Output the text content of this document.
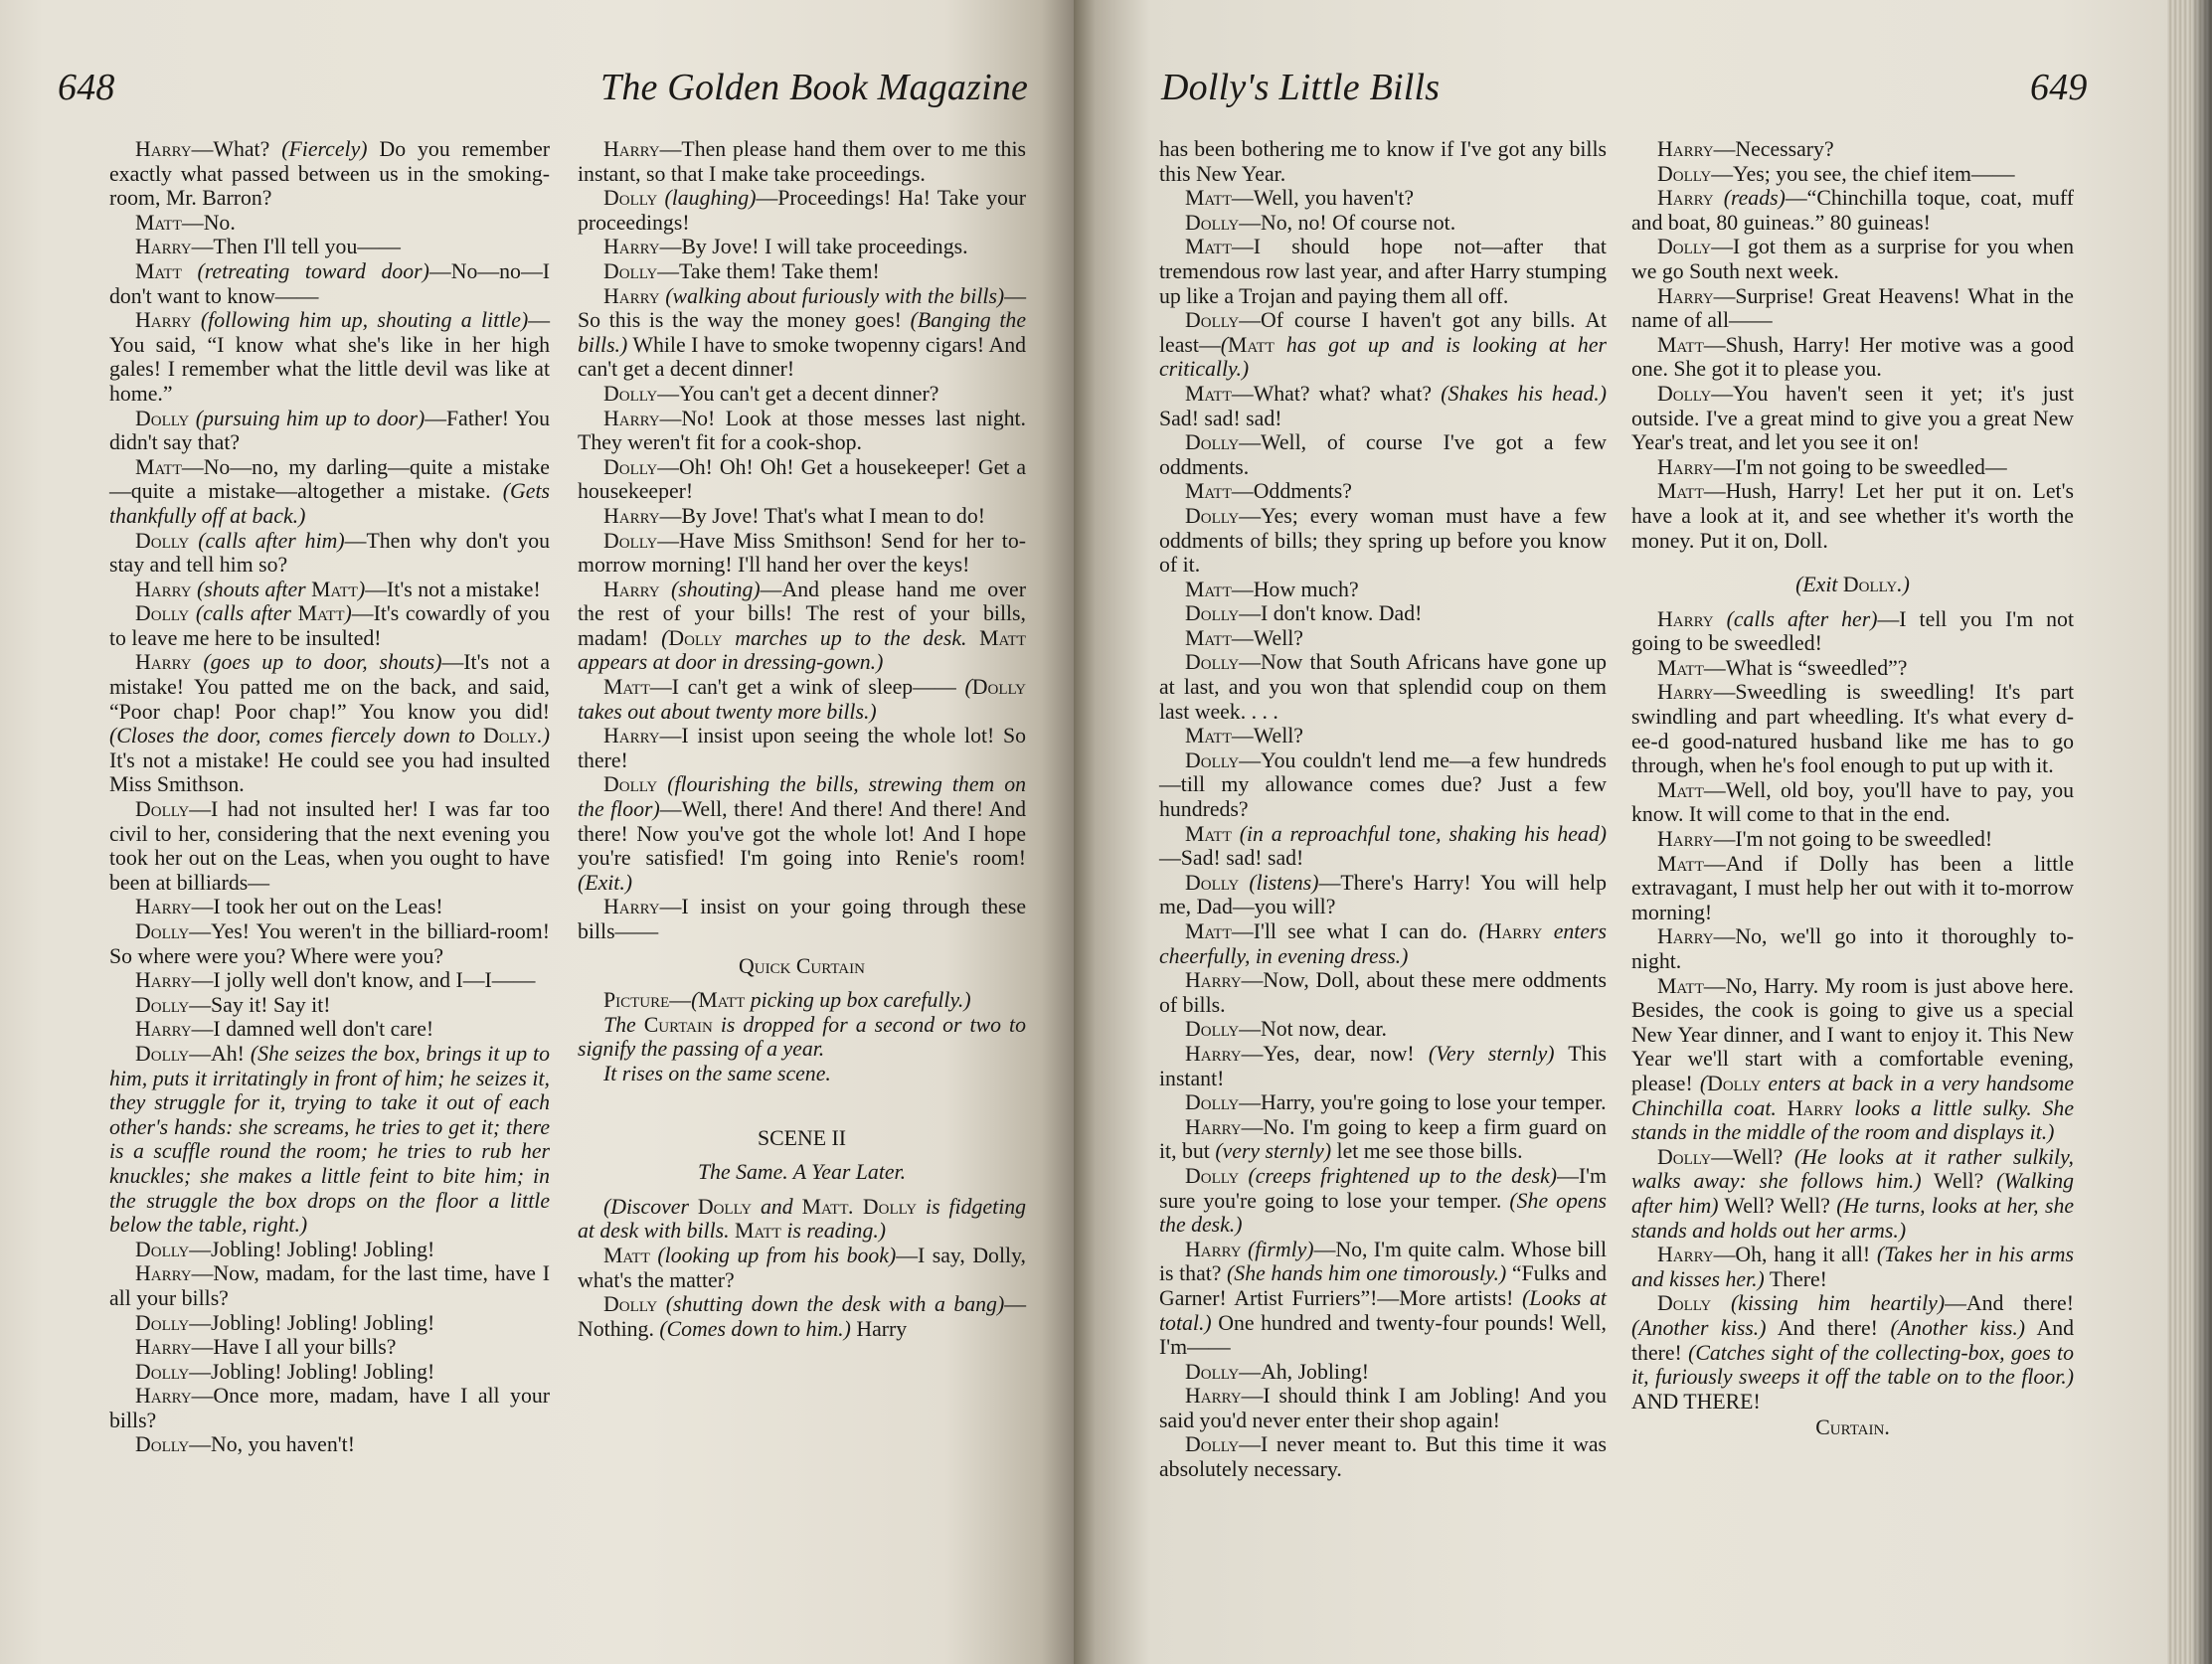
648	The Golden Book Magazine

Harry—What? (Fiercely) Do you remember exactly what passed between us in the smoking-room, Mr. Barron?

Matt—No.

Harry—Then I'll tell you——

Matt (retreating toward door)—No—no—I don't want to know——

Harry (following him up, shouting a little)—You said, “I know what she's like in her high gales! I remember what the little devil was like at home.”

Dolly (pursuing him up to door)—Father! You didn't say that?

Matt—No—no, my darling—quite a mistake—quite a mistake—altogether a mistake. (Gets thankfully off at back.)

Dolly (calls after him)—Then why don't you stay and tell him so?

Harry (shouts after Matt)—It's not a mistake!

Dolly (calls after Matt)—It's cowardly of you to leave me here to be insulted!

Harry (goes up to door, shouts)—It's not a mistake! You patted me on the back, and said, “Poor chap! Poor chap!” You know you did! (Closes the door, comes fiercely down to Dolly.) It's not a mistake! He could see you had insulted Miss Smithson.

Dolly—I had not insulted her! I was far too civil to her, considering that the next evening you took her out on the Leas, when you ought to have been at billiards—

Harry—I took her out on the Leas!

Dolly—Yes! You weren't in the billiard-room! So where were you? Where were you?

Harry—I jolly well don't know, and I—I——

Dolly—Say it! Say it!

Harry—I damned well don't care!

Dolly—Ah! (She seizes the box, brings it up to him, puts it irritatingly in front of him; he seizes it, they struggle for it, trying to take it out of each other's hands: she screams, he tries to get it; there is a scuffle round the room; he tries to rub her knuckles; she makes a little feint to bite him; in the struggle the box drops on the floor a little below the table, right.)

Dolly—Jobling! Jobling! Jobling!

Harry—Now, madam, for the last time, have I all your bills?

Dolly—Jobling! Jobling! Jobling!

Harry—Have I all your bills?

Dolly—Jobling! Jobling! Jobling!

Harry—Once more, madam, have I all your bills?

Dolly—No, you haven't!

Harry—Then please hand them over to me this instant, so that I make take proceedings.

Dolly (laughing)—Proceedings! Ha! Take your proceedings!

Harry—By Jove! I will take proceedings.

Dolly—Take them! Take them!

Harry (walking about furiously with the bills)—So this is the way the money goes! (Banging the bills.) While I have to smoke twopenny cigars! And can't get a decent dinner!

Dolly—You can't get a decent dinner?

Harry—No! Look at those messes last night. They weren't fit for a cook-shop.

Dolly—Oh! Oh! Oh! Get a housekeeper! Get a housekeeper!

Harry—By Jove! That's what I mean to do!

Dolly—Have Miss Smithson! Send for her to-morrow morning! I'll hand her over the keys!

Harry (shouting)—And please hand me over the rest of your bills! The rest of your bills, madam! (Dolly marches up to the desk. Matt appears at door in dressing-gown.)

Matt—I can't get a wink of sleep—— (Dolly takes out about twenty more bills.)

Harry—I insist upon seeing the whole lot! So there!

Dolly (flourishing the bills, strewing them on the floor)—Well, there! And there! And there! And there! Now you've got the whole lot! And I hope you're satisfied! I'm going into Renie's room! (Exit.)

Harry—I insist on your going through these bills——

Quick Curtain

Picture—(Matt picking up box carefully.)

The Curtain is dropped for a second or two to signify the passing of a year.

It rises on the same scene.

SCENE II

The Same. A Year Later.

(Discover Dolly and Matt. Dolly is fidgeting at desk with bills. Matt is reading.)

Matt (looking up from his book)—I say, Dolly, what's the matter?

Dolly (shutting down the desk with a bang)—Nothing. (Comes down to him.) Harry

Dolly's Little Bills	649

has been bothering me to know if I've got any bills this New Year.

Matt—Well, you haven't?

Dolly—No, no! Of course not.

Matt—I should hope not—after that tremendous row last year, and after Harry stumping up like a Trojan and paying them all off.

Dolly—Of course I haven't got any bills. At least—(Matt has got up and is looking at her critically.)

Matt—What? what? what? (Shakes his head.) Sad! sad! sad!

Dolly—Well, of course I've got a few oddments.

Matt—Oddments?

Dolly—Yes; every woman must have a few oddments of bills; they spring up before you know of it.

Matt—How much?

Dolly—I don't know. Dad!

Matt—Well?

Dolly—Now that South Africans have gone up at last, and you won that splendid coup on them last week. . . .

Matt—Well?

Dolly—You couldn't lend me—a few hundreds—till my allowance comes due? Just a few hundreds?

Matt (in a reproachful tone, shaking his head)—Sad! sad! sad!

Dolly (listens)—There's Harry! You will help me, Dad—you will?

Matt—I'll see what I can do. (Harry enters cheerfully, in evening dress.)

Harry—Now, Doll, about these mere oddments of bills.

Dolly—Not now, dear.

Harry—Yes, dear, now! (Very sternly) This instant!

Dolly—Harry, you're going to lose your temper.

Harry—No. I'm going to keep a firm guard on it, but (very sternly) let me see those bills.

Dolly (creeps frightened up to the desk)—I'm sure you're going to lose your temper. (She opens the desk.)

Harry (firmly)—No, I'm quite calm. Whose bill is that? (She hands him one timorously.) “Fulks and Garner! Artist Furriers”!—More artists! (Looks at total.) One hundred and twenty-four pounds! Well, I'm——

Dolly—Ah, Jobling!

Harry—I should think I am Jobling! And you said you'd never enter their shop again!

Dolly—I never meant to. But this time it was absolutely necessary.

Harry—Necessary?

Dolly—Yes; you see, the chief item——

Harry (reads)—“Chinchilla toque, coat, muff and boat, 80 guineas.” 80 guineas!

Dolly—I got them as a surprise for you when we go South next week.

Harry—Surprise! Great Heavens! What in the name of all——

Matt—Shush, Harry! Her motive was a good one. She got it to please you.

Dolly—You haven't seen it yet; it's just outside. I've a great mind to give you a great New Year's treat, and let you see it on!

Harry—I'm not going to be sweedled—

Matt—Hush, Harry! Let her put it on. Let's have a look at it, and see whether it's worth the money. Put it on, Doll.

(Exit Dolly.)

Harry (calls after her)—I tell you I'm not going to be sweedled!

Matt—What is “sweedled”?

Harry—Sweedling is sweedling! It's part swindling and part wheedling. It's what every d-ee-d good-natured husband like me has to go through, when he's fool enough to put up with it.

Matt—Well, old boy, you'll have to pay, you know. It will come to that in the end.

Harry—I'm not going to be sweedled!

Matt—And if Dolly has been a little extravagant, I must help her out with it to-morrow morning!

Harry—No, we'll go into it thoroughly to-night.

Matt—No, Harry. My room is just above here. Besides, the cook is going to give us a special New Year dinner, and I want to enjoy it. This New Year we'll start with a comfortable evening, please! (Dolly enters at back in a very handsome Chinchilla coat. Harry looks a little sulky. She stands in the middle of the room and displays it.)

Dolly—Well? (He looks at it rather sulkily, walks away: she follows him.) Well? (Walking after him) Well? Well? (He turns, looks at her, she stands and holds out her arms.)

Harry—Oh, hang it all! (Takes her in his arms and kisses her.) There!

Dolly (kissing him heartily)—And there! (Another kiss.) And there! (Another kiss.) And there! (Catches sight of the collecting-box, goes to it, furiously sweeps it off the table on to the floor.) AND THERE!

Curtain.
